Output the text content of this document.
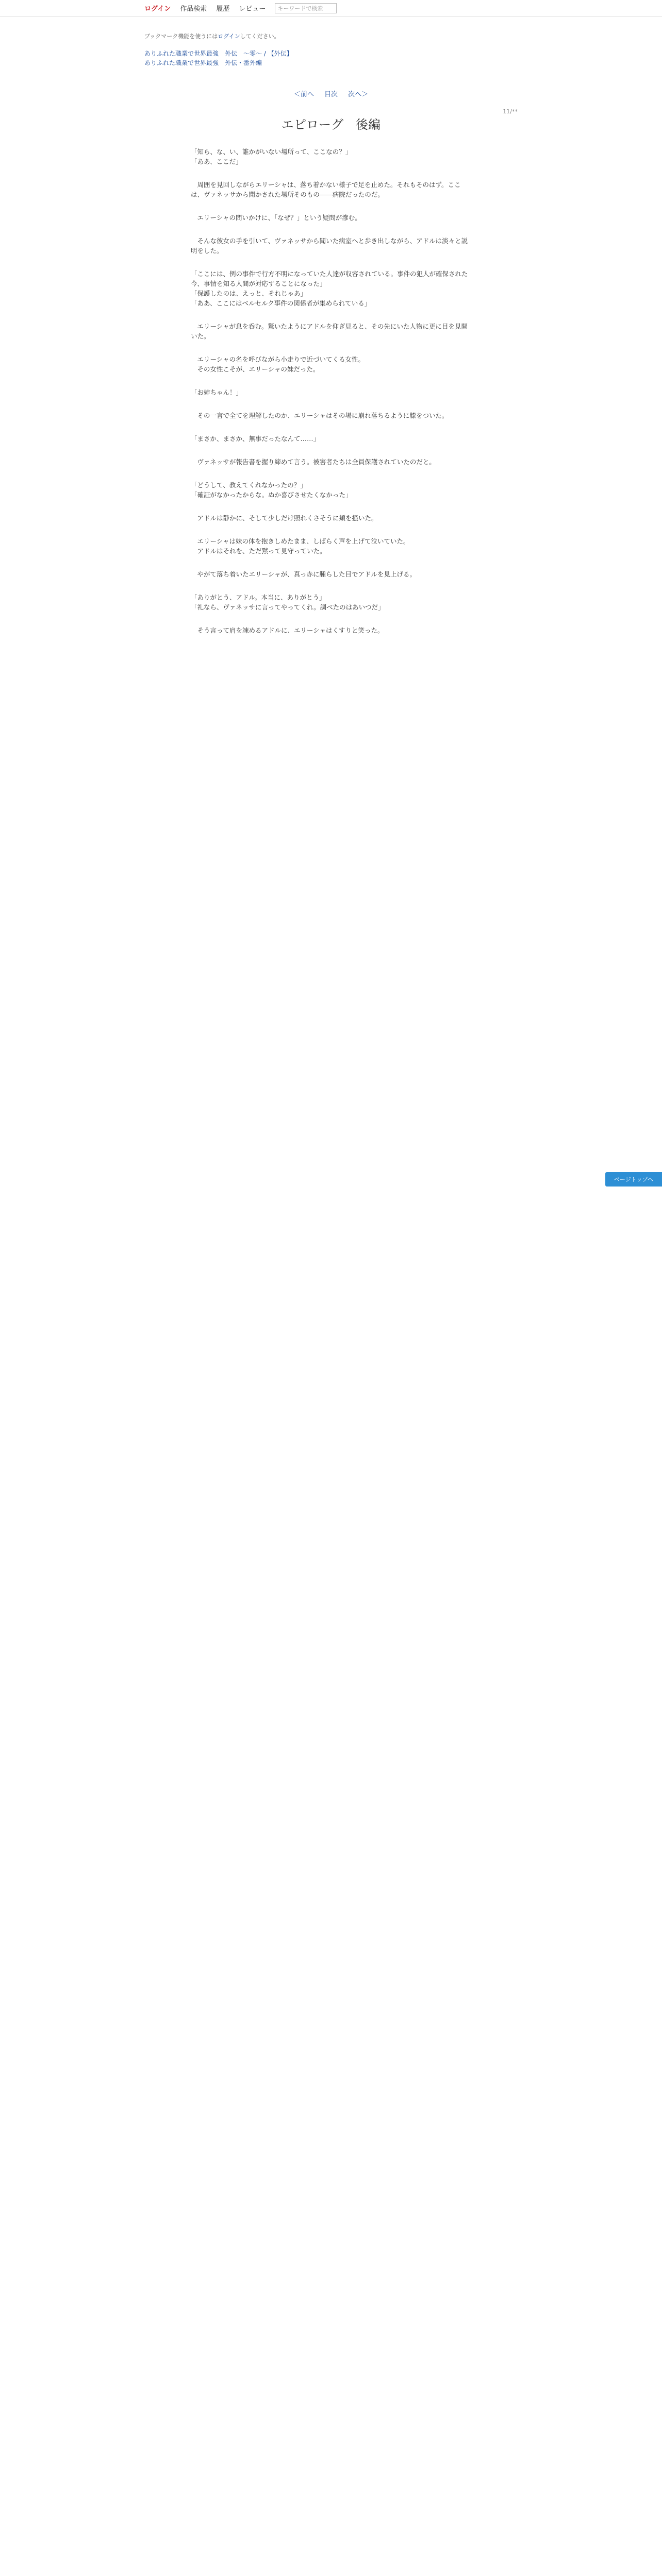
ログイン 作品検索 履歴 レビュー	キーワードで検索
ブックマーク機能を使うにはログインしてください。
ありふれた職業で世界最強　外伝　〜零〜 / 【外伝】
ありふれた職業で世界最強　外伝・番外編
＜前へ 目次 次へ＞
11/**
エピローグ　後編

「知ら、な、い、誰かがいない場所って、ここなの？」
「ああ、ここだ」

　周囲を見回しながらエリーシャは、落ち着かない様子で足を止めた。それもそのはず。ここは、ヴァネッサから聞かされた場所そのもの――病院だったのだ。

　エリーシャの問いかけに、「なぜ？」という疑問が滲む。

　そんな彼女の手を引いて、ヴァネッサから聞いた病室へと歩き出しながら、アドルは淡々と説明をした。

「ここには、例の事件で行方不明になっていた人達が収容されている。事件の犯人が確保された今、事情を知る人間が対応することになった」
「保護したのは、えっと、それじゃあ」
「ああ、ここにはベルセルク事件の関係者が集められている」

　エリーシャが息を呑む。驚いたようにアドルを仰ぎ見ると、その先にいた人物に更に目を見開いた。

　エリーシャの名を呼びながら小走りで近づいてくる女性。
　その女性こそが、エリーシャの妹だった。

「お姉ちゃん！」

　その一言で全てを理解したのか、エリーシャはその場に崩れ落ちるように膝をついた。

「まさか、まさか、無事だったなんて……」

　ヴァネッサが報告書を握り締めて言う。被害者たちは全員保護されていたのだと。

「どうして、教えてくれなかったの？」
「確証がなかったからな。ぬか喜びさせたくなかった」

　アドルは静かに、そして少しだけ照れくさそうに頬を掻いた。

　エリーシャは妹の体を抱きしめたまま、しばらく声を上げて泣いていた。
　アドルはそれを、ただ黙って見守っていた。

　やがて落ち着いたエリーシャが、真っ赤に腫らした目でアドルを見上げる。

「ありがとう、アドル。本当に、ありがとう」
「礼なら、ヴァネッサに言ってやってくれ。調べたのはあいつだ」

　そう言って肩を竦めるアドルに、エリーシャはくすりと笑った。

ページトップへ
